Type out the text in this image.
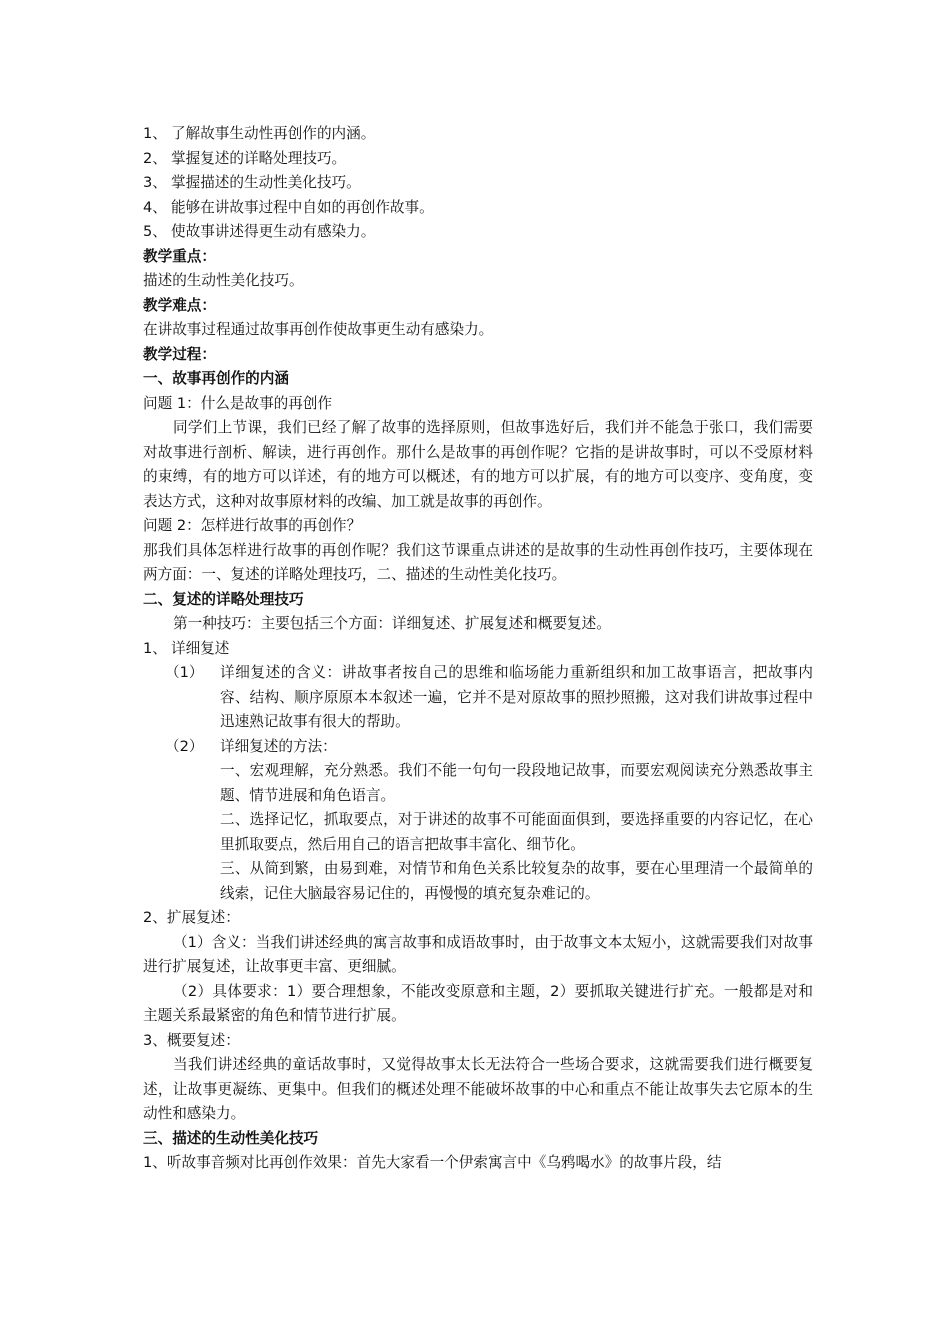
1、 了解故事生动性再创作的内涵。
2、 掌握复述的详略处理技巧。
3、 掌握描述的生动性美化技巧。
4、 能够在讲故事过程中自如的再创作故事。
5、 使故事讲述得更生动有感染力。
教学重点：
描述的生动性美化技巧。
教学难点：
在讲故事过程通过故事再创作使故事更生动有感染力。
教学过程：
一、故事再创作的内涵
问题 1：什么是故事的再创作
同学们上节课，我们已经了解了故事的选择原则，但故事选好后，我们并不能急于张口，我们需要对故事进行剖析、解读，进行再创作。那什么是故事的再创作呢？它指的是讲故事时，可以不受原材料的束缚，有的地方可以详述，有的地方可以概述，有的地方可以扩展，有的地方可以变序、变角度，变表达方式，这种对故事原材料的改编、加工就是故事的再创作。
问题 2：怎样进行故事的再创作？
那我们具体怎样进行故事的再创作呢？我们这节课重点讲述的是故事的生动性再创作技巧，主要体现在两方面：一、复述的详略处理技巧，二、描述的生动性美化技巧。
二、复述的详略处理技巧
第一种技巧：主要包括三个方面：详细复述、扩展复述和概要复述。
1、 详细复述
（1）	详细复述的含义：讲故事者按自己的思维和临场能力重新组织和加工故事语言，把故事内容、结构、顺序原原本本叙述一遍，它并不是对原故事的照抄照搬，这对我们讲故事过程中迅速熟记故事有很大的帮助。
（2）	详细复述的方法：
一、宏观理解，充分熟悉。我们不能一句句一段段地记故事，而要宏观阅读充分熟悉故事主题、情节进展和角色语言。
二、选择记忆，抓取要点，对于讲述的故事不可能面面俱到，要选择重要的内容记忆，在心里抓取要点，然后用自己的语言把故事丰富化、细节化。
三、从简到繁，由易到难，对情节和角色关系比较复杂的故事，要在心里理清一个最简单的线索，记住大脑最容易记住的，再慢慢的填充复杂难记的。
2、扩展复述：
（1）含义：当我们讲述经典的寓言故事和成语故事时，由于故事文本太短小，这就需要我们对故事进行扩展复述，让故事更丰富、更细腻。
（2）具体要求：1）要合理想象，不能改变原意和主题，2）要抓取关键进行扩充。一般都是对和主题关系最紧密的角色和情节进行扩展。
3、概要复述：
当我们讲述经典的童话故事时，又觉得故事太长无法符合一些场合要求，这就需要我们进行概要复述，让故事更凝练、更集中。但我们的概述处理不能破坏故事的中心和重点不能让故事失去它原本的生动性和感染力。
三、描述的生动性美化技巧
1、听故事音频对比再创作效果：首先大家看一个伊索寓言中《乌鸦喝水》的故事片段，结
